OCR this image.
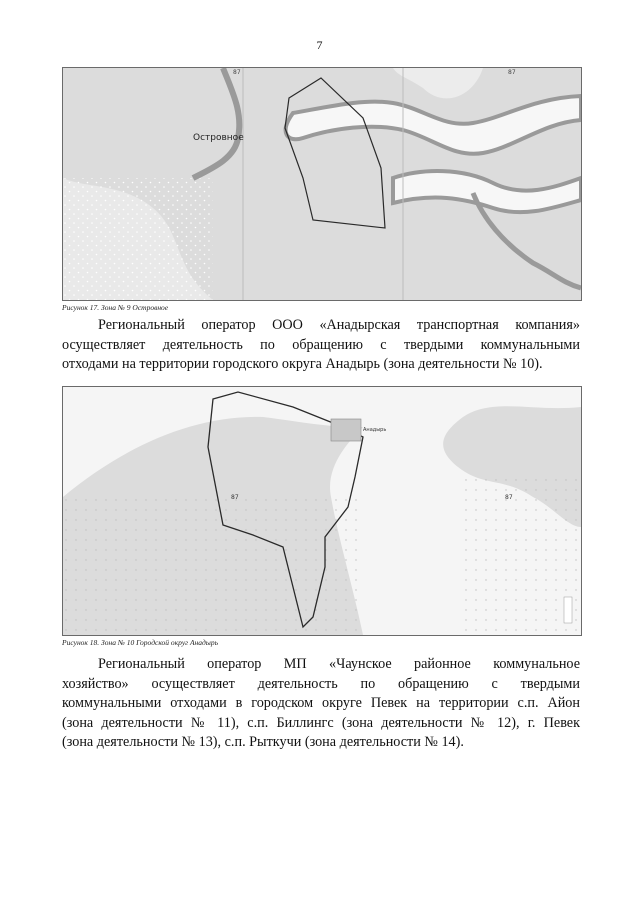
7
Островное
87	87
Рисунок 17. Зона № 9 Островное
Региональный оператор ООО «Анадырская транспортная компания»
осуществляет деятельность по обращению с твердыми коммунальными
отходами на территории городского округа Анадырь (зона деятельности № 10).
Анадырь
87	87
Рисунок 18. Зона № 10 Городской округ Анадырь
Региональный оператор МП «Чаунское районное коммунальное
хозяйство» осуществляет деятельность по обращению с твердыми
коммунальными отходами в городском округе Певек на территории с.п. Айон
(зона деятельности № 11), с.п. Биллингс (зона деятельности № 12), г. Певек
(зона деятельности № 13), с.п. Рыткучи (зона деятельности № 14).
